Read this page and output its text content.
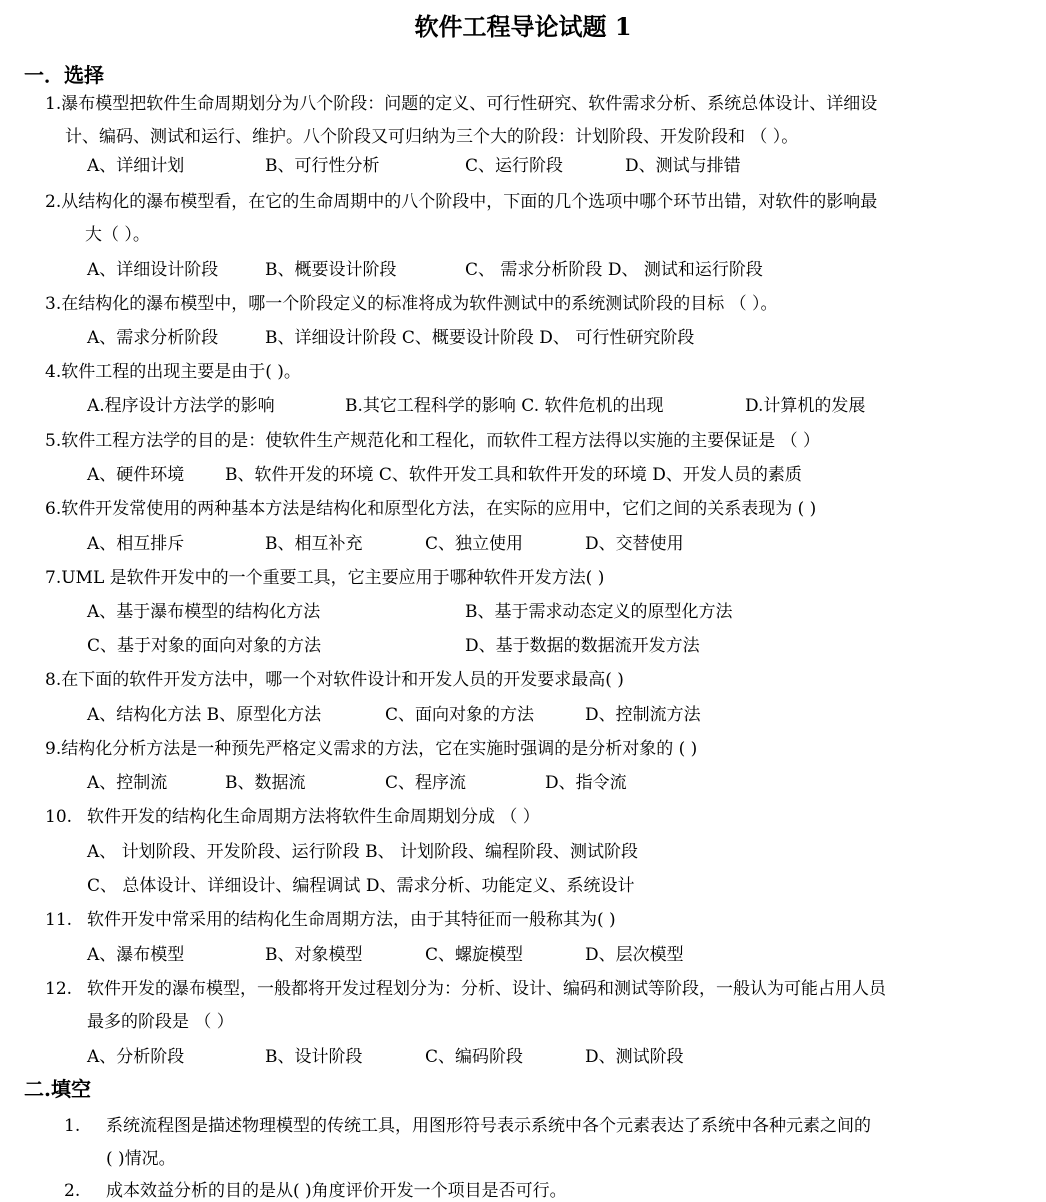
软件工程导论试题 1
一．选择
1.瀑布模型把软件生命周期划分为八个阶段：问题的定义、可行性研究、软件需求分析、系统总体设计、详细设
计、编码、测试和运行、维护。八个阶段又可归纳为三个大的阶段：计划阶段、开发阶段和 （ ）。
A、详细计划	B、可行性分析	C、运行阶段	D、测试与排错
2.从结构化的瀑布模型看，在它的生命周期中的八个阶段中，下面的几个选项中哪个环节出错，对软件的影响最
大（ ）。
A、详细设计阶段	B、概要设计阶段	C、 需求分析阶段 D、 测试和运行阶段
3.在结构化的瀑布模型中，哪一个阶段定义的标准将成为软件测试中的系统测试阶段的目标 （ ）。
A、需求分析阶段	B、详细设计阶段 C、概要设计阶段 D、 可行性研究阶段
4.软件工程的出现主要是由于( )。
A.程序设计方法学的影响	B.其它工程科学的影响 C. 软件危机的出现	D.计算机的发展
5.软件工程方法学的目的是：使软件生产规范化和工程化，而软件工程方法得以实施的主要保证是 （ ）
A、硬件环境 B、软件开发的环境 C、软件开发工具和软件开发的环境 D、开发人员的素质
6.软件开发常使用的两种基本方法是结构化和原型化方法，在实际的应用中，它们之间的关系表现为 ( )
A、相互排斥	B、相互补充	C、独立使用	D、交替使用
7.UML 是软件开发中的一个重要工具，它主要应用于哪种软件开发方法( )
A、基于瀑布模型的结构化方法	B、基于需求动态定义的原型化方法
C、基于对象的面向对象的方法	D、基于数据的数据流开发方法
8.在下面的软件开发方法中，哪一个对软件设计和开发人员的开发要求最高( )
A、结构化方法 B、原型化方法	C、面向对象的方法	D、控制流方法
9.结构化分析方法是一种预先严格定义需求的方法，它在实施时强调的是分析对象的 ( )
A、控制流	B、数据流	C、程序流	D、指令流
10. 软件开发的结构化生命周期方法将软件生命周期划分成 （ ）
A、 计划阶段、开发阶段、运行阶段 B、 计划阶段、编程阶段、测试阶段
C、 总体设计、详细设计、编程调试 D、需求分析、功能定义、系统设计
11. 软件开发中常采用的结构化生命周期方法，由于其特征而一般称其为( )
A、瀑布模型	B、对象模型	C、螺旋模型	D、层次模型
12. 软件开发的瀑布模型，一般都将开发过程划分为：分析、设计、编码和测试等阶段，一般认为可能占用人员
最多的阶段是 （ ）
A、分析阶段	B、设计阶段	C、编码阶段	D、测试阶段
二.填空
1. 系统流程图是描述物理模型的传统工具，用图形符号表示系统中各个元素表达了系统中各种元素之间的
( )情况。
2. 成本效益分析的目的是从( )角度评价开发一个项目是否可行。
